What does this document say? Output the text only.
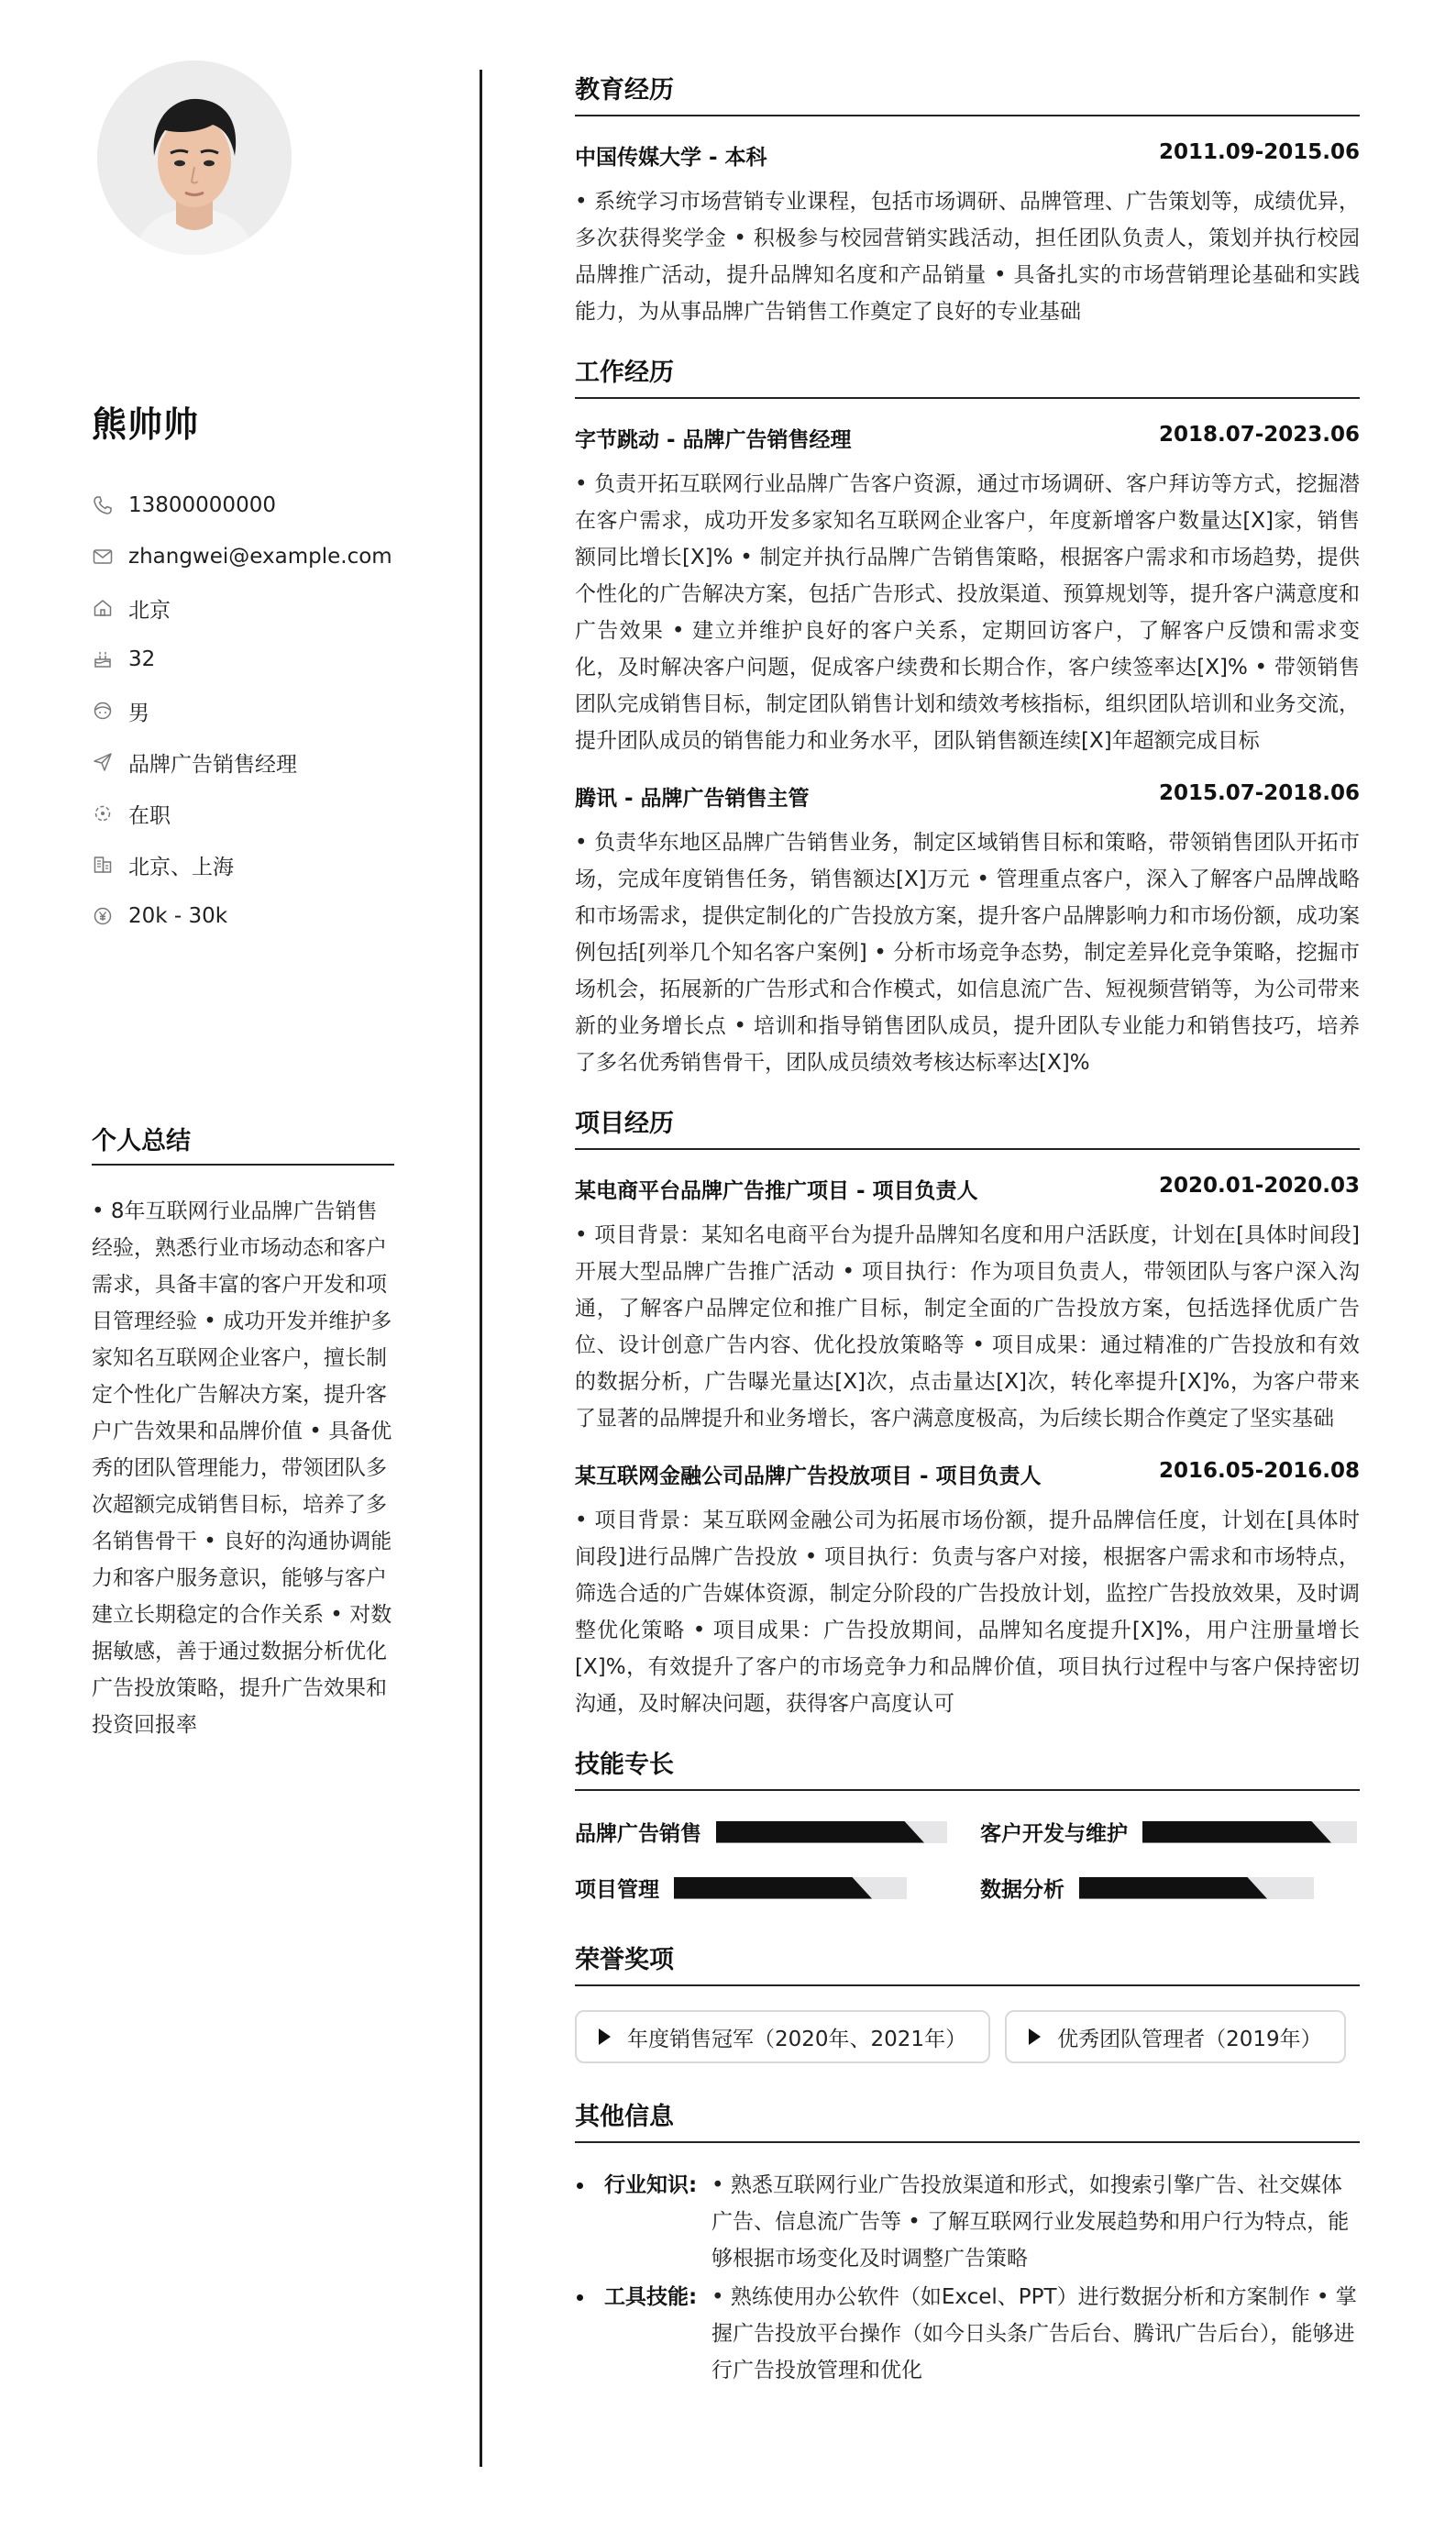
熊帅帅
13800000000
zhangwei@example.com
北京
32
男
品牌广告销售经理
在职
北京、上海
20k - 30k
个人总结
• 8年互联网行业品牌广告销售经验，熟悉行业市场动态和客户需求，具备丰富的客户开发和项目管理经验 • 成功开发并维护多家知名互联网企业客户，擅长制定个性化广告解决方案，提升客户广告效果和品牌价值 • 具备优秀的团队管理能力，带领团队多次超额完成销售目标，培养了多名销售骨干 • 良好的沟通协调能力和客户服务意识，能够与客户建立长期稳定的合作关系 • 对数据敏感，善于通过数据分析优化广告投放策略，提升广告效果和投资回报率
教育经历
中国传媒大学 - 本科	2011.09-2015.06
• 系统学习市场营销专业课程，包括市场调研、品牌管理、广告策划等，成绩优异，多次获得奖学金 • 积极参与校园营销实践活动，担任团队负责人，策划并执行校园品牌推广活动，提升品牌知名度和产品销量 • 具备扎实的市场营销理论基础和实践能力，为从事品牌广告销售工作奠定了良好的专业基础
工作经历
字节跳动 - 品牌广告销售经理	2018.07-2023.06
• 负责开拓互联网行业品牌广告客户资源，通过市场调研、客户拜访等方式，挖掘潜在客户需求，成功开发多家知名互联网企业客户，年度新增客户数量达[X]家，销售额同比增长[X]% • 制定并执行品牌广告销售策略，根据客户需求和市场趋势，提供个性化的广告解决方案，包括广告形式、投放渠道、预算规划等，提升客户满意度和广告效果 • 建立并维护良好的客户关系，定期回访客户，了解客户反馈和需求变化，及时解决客户问题，促成客户续费和长期合作，客户续签率达[X]% • 带领销售团队完成销售目标，制定团队销售计划和绩效考核指标，组织团队培训和业务交流，提升团队成员的销售能力和业务水平，团队销售额连续[X]年超额完成目标
腾讯 - 品牌广告销售主管	2015.07-2018.06
• 负责华东地区品牌广告销售业务，制定区域销售目标和策略，带领销售团队开拓市场，完成年度销售任务，销售额达[X]万元 • 管理重点客户，深入了解客户品牌战略和市场需求，提供定制化的广告投放方案，提升客户品牌影响力和市场份额，成功案例包括[列举几个知名客户案例] • 分析市场竞争态势，制定差异化竞争策略，挖掘市场机会，拓展新的广告形式和合作模式，如信息流广告、短视频营销等，为公司带来新的业务增长点 • 培训和指导销售团队成员，提升团队专业能力和销售技巧，培养了多名优秀销售骨干，团队成员绩效考核达标率达[X]%
项目经历
某电商平台品牌广告推广项目 - 项目负责人	2020.01-2020.03
• 项目背景：某知名电商平台为提升品牌知名度和用户活跃度，计划在[具体时间段]开展大型品牌广告推广活动 • 项目执行：作为项目负责人，带领团队与客户深入沟通，了解客户品牌定位和推广目标，制定全面的广告投放方案，包括选择优质广告位、设计创意广告内容、优化投放策略等 • 项目成果：通过精准的广告投放和有效的数据分析，广告曝光量达[X]次，点击量达[X]次，转化率提升[X]%，为客户带来了显著的品牌提升和业务增长，客户满意度极高，为后续长期合作奠定了坚实基础
某互联网金融公司品牌广告投放项目 - 项目负责人	2016.05-2016.08
• 项目背景：某互联网金融公司为拓展市场份额，提升品牌信任度，计划在[具体时间段]进行品牌广告投放 • 项目执行：负责与客户对接，根据客户需求和市场特点，筛选合适的广告媒体资源，制定分阶段的广告投放计划，监控广告投放效果，及时调整优化策略 • 项目成果：广告投放期间，品牌知名度提升[X]%，用户注册量增长[X]%，有效提升了客户的市场竞争力和品牌价值，项目执行过程中与客户保持密切沟通，及时解决问题，获得客户高度认可
技能专长
品牌广告销售	客户开发与维护
项目管理	数据分析
荣誉奖项
年度销售冠军（2020年、2021年）	优秀团队管理者（2019年）
其他信息
行业知识: • 熟悉互联网行业广告投放渠道和形式，如搜索引擎广告、社交媒体广告、信息流广告等 • 了解互联网行业发展趋势和用户行为特点，能够根据市场变化及时调整广告策略
工具技能: • 熟练使用办公软件（如Excel、PPT）进行数据分析和方案制作 • 掌握广告投放平台操作（如今日头条广告后台、腾讯广告后台），能够进行广告投放管理和优化
